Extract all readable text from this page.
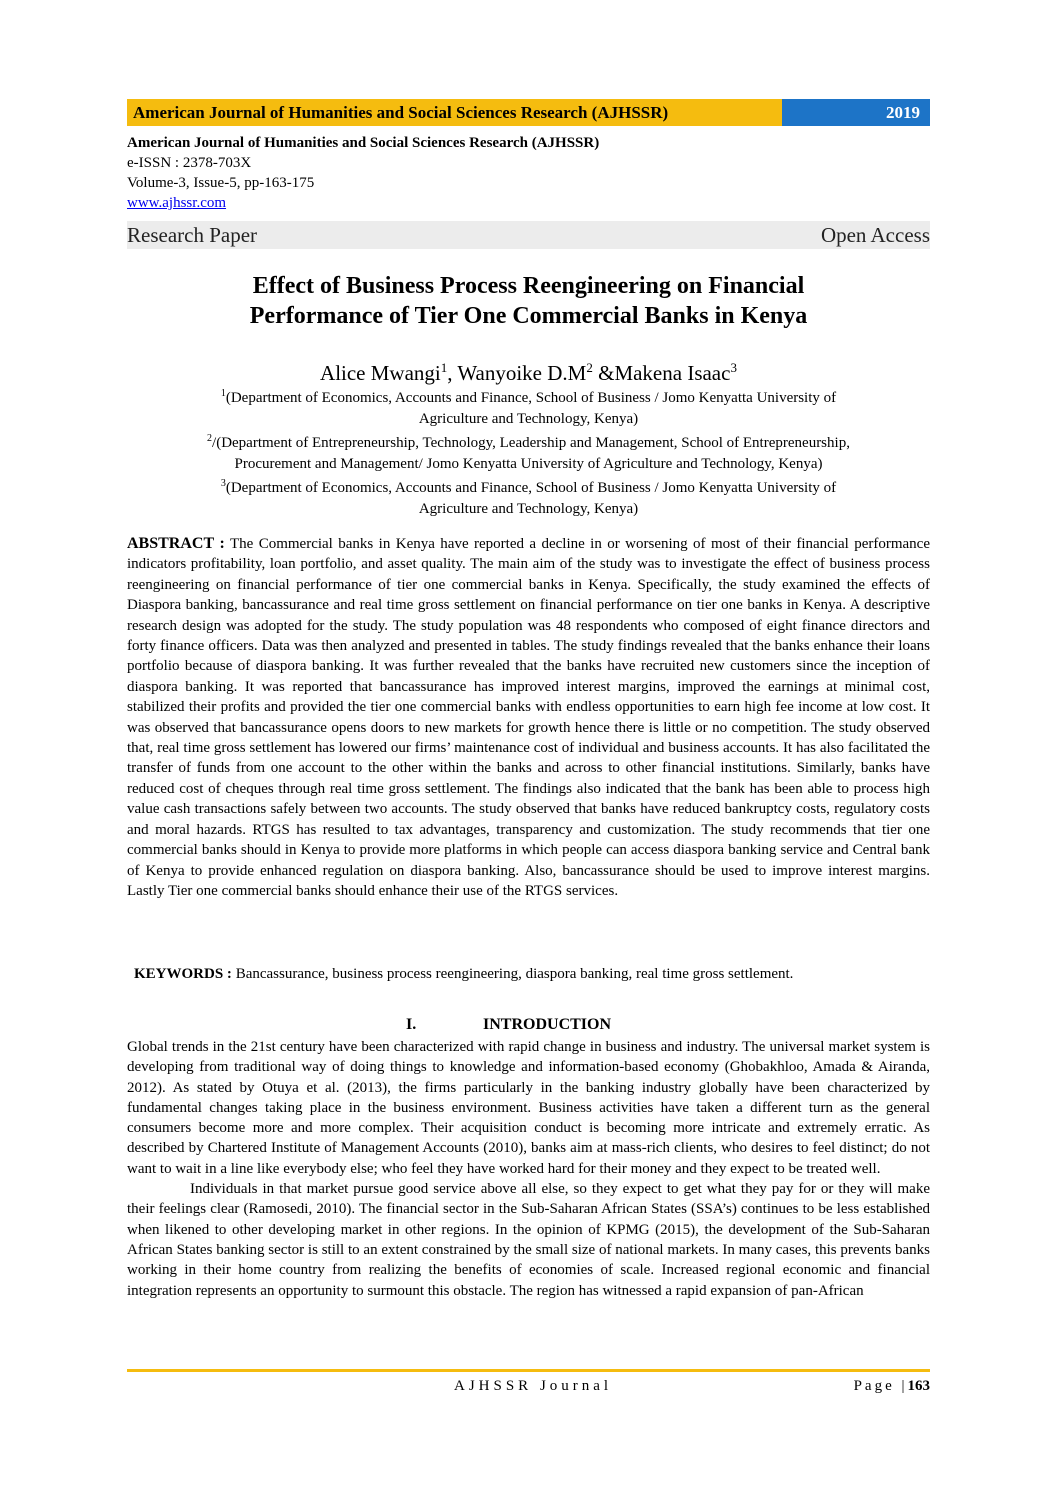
American Journal of Humanities and Social Sciences Research (AJHSSR)	2019
American Journal of Humanities and Social Sciences Research (AJHSSR)
e-ISSN : 2378-703X
Volume-3, Issue-5, pp-163-175
www.ajhssr.com
Research Paper	Open Access
Effect of Business Process Reengineering on Financial
Performance of Tier One Commercial Banks in Kenya
Alice Mwangi$^1$, Wanyoike $D.M^2$ &Makena Isaac$^3$
$^1$(Department of Economics, Accounts and Finance, School of Business / Jomo Kenyatta University of
Agriculture and Technology, Kenya)
$^2$/(Department of Entrepreneurship, Technology, Leadership and Management, School of Entrepreneurship,
Procurement and Management/ Jomo Kenyatta University of Agriculture and Technology, Kenya)
$^3$(Department of Economics, Accounts and Finance, School of Business / Jomo Kenyatta University of
Agriculture and Technology, Kenya)
ABSTRACT : The Commercial banks in Kenya have reported a decline in or worsening of most of their financial performance indicators profitability, loan portfolio, and asset quality. The main aim of the study was to investigate the effect of business process reengineering on financial performance of tier one commercial banks in Kenya. Specifically, the study examined the effects of Diaspora banking, bancassurance and real time gross settlement on financial performance on tier one banks in Kenya. A descriptive research design was adopted for the study. The study population was 48 respondents who composed of eight finance directors and forty finance officers. Data was then analyzed and presented in tables. The study findings revealed that the banks enhance their loans portfolio because of diaspora banking. It was further revealed that the banks have recruited new customers since the inception of diaspora banking. It was reported that bancassurance has improved interest margins, improved the earnings at minimal cost, stabilized their profits and provided the tier one commercial banks with endless opportunities to earn high fee income at low cost. It was observed that bancassurance opens doors to new markets for growth hence there is little or no competition. The study observed that, real time gross settlement has lowered our firms’ maintenance cost of individual and business accounts. It has also facilitated the transfer of funds from one account to the other within the banks and across to other financial institutions. Similarly, banks have reduced cost of cheques through real time gross settlement. The findings also indicated that the bank has been able to process high value cash transactions safely between two accounts. The study observed that banks have reduced bankruptcy costs, regulatory costs and moral hazards. RTGS has resulted to tax advantages, transparency and customization. The study recommends that tier one commercial banks should in Kenya to provide more platforms in which people can access diaspora banking service and Central bank of Kenya to provide enhanced regulation on diaspora banking. Also, bancassurance should be used to improve interest margins. Lastly Tier one commercial banks should enhance their use of the RTGS services.
KEYWORDS : Bancassurance, business process reengineering, diaspora banking, real time gross settlement.
I.	INTRODUCTION

Global trends in the 21st century have been characterized with rapid change in business and industry. The universal market system is developing from traditional way of doing things to knowledge and information-based economy (Ghobakhloo, Amada & Airanda, 2012). As stated by Otuya et al. (2013), the firms particularly in the banking industry globally have been characterized by fundamental changes taking place in the business environment. Business activities have taken a different turn as the general consumers become more and more complex. Their acquisition conduct is becoming more intricate and extremely erratic. As described by Chartered Institute of Management Accounts (2010), banks aim at mass-rich clients, who desires to feel distinct; do not want to wait in a line like everybody else; who feel they have worked hard for their money and they expect to be treated well.

Individuals in that market pursue good service above all else, so they expect to get what they pay for or they will make their feelings clear (Ramosedi, 2010). The financial sector in the Sub-Saharan African States (SSA’s) continues to be less established when likened to other developing market in other regions. In the opinion of KPMG (2015), the development of the Sub-Saharan African States banking sector is still to an extent constrained by the small size of national markets. In many cases, this prevents banks working in their home country from realizing the benefits of economies of scale. Increased regional economic and financial integration represents an opportunity to surmount this obstacle. The region has witnessed a rapid expansion of pan-African

AJHSSR Journal	Page |163
